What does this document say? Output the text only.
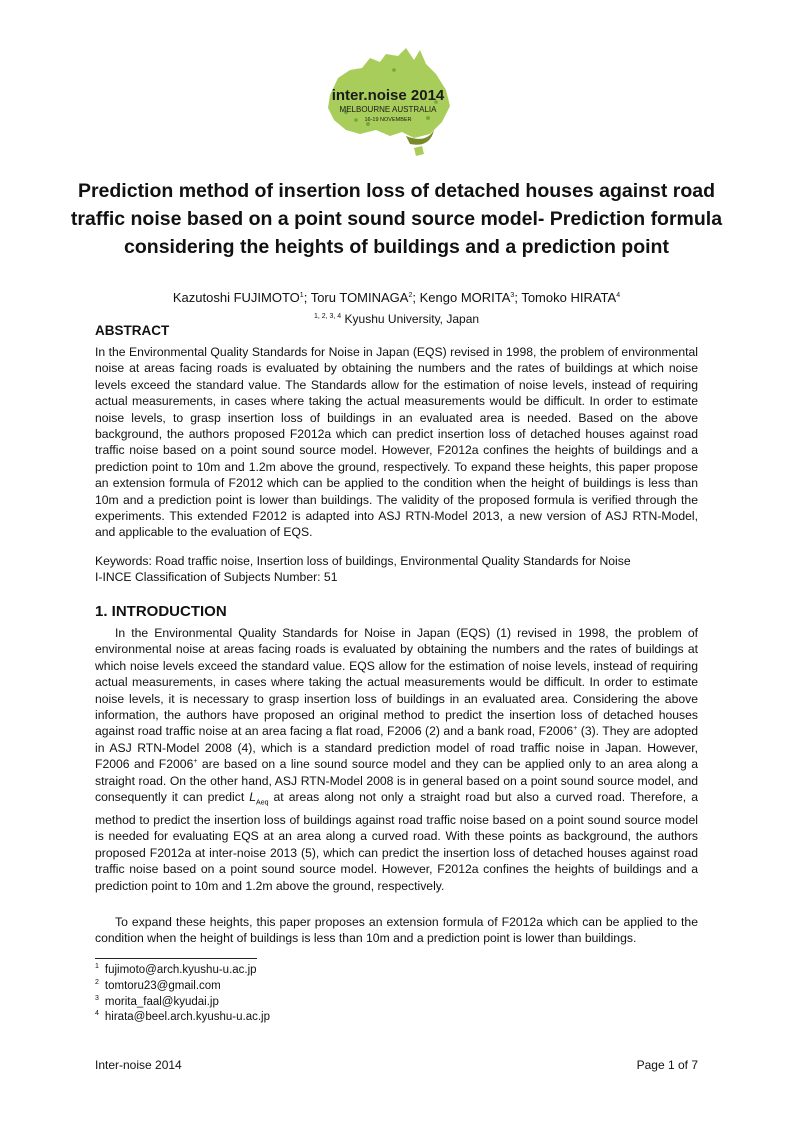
inter.noise 2014
MELBOURNE AUSTRALIA
16-19 NOVEMBER
Prediction method of insertion loss of detached houses against road traffic noise based on a point sound source model- Prediction formula considering the heights of buildings and a prediction point
Kazutoshi FUJIMOTO$^1$; Toru TOMINAGA$^2$; Kengo MORITA$^3$; Tomoko HIRATA$^4$
$^{1, 2, 3, 4}$ Kyushu University, Japan
ABSTRACT

In the Environmental Quality Standards for Noise in Japan (EQS) revised in 1998, the problem of environmental noise at areas facing roads is evaluated by obtaining the numbers and the rates of buildings at which noise levels exceed the standard value. The Standards allow for the estimation of noise levels, instead of requiring actual measurements, in cases where taking the actual measurements would be difficult. In order to estimate noise levels, to grasp insertion loss of buildings in an evaluated area is needed. Based on the above background, the authors proposed F2012a which can predict insertion loss of detached houses against road traffic noise based on a point sound source model. However, F2012a confines the heights of buildings and a prediction point to 10m and 1.2m above the ground, respectively. To expand these heights, this paper propose an extension formula of F2012 which can be applied to the condition when the height of buildings is less than 10m and a prediction point is lower than buildings. The validity of the proposed formula is verified through the experiments. This extended F2012 is adapted into ASJ RTN-Model 2013, a new version of ASJ RTN-Model, and applicable to the evaluation of EQS.

Keywords: Road traffic noise, Insertion loss of buildings, Environmental Quality Standards for Noise
I-INCE Classification of Subjects Number: 51
1. INTRODUCTION

In the Environmental Quality Standards for Noise in Japan (EQS) (1) revised in 1998, the problem of environmental noise at areas facing roads is evaluated by obtaining the numbers and the rates of buildings at which noise levels exceed the standard value. EQS allow for the estimation of noise levels, instead of requiring actual measurements, in cases where taking the actual measurements would be difficult. In order to estimate noise levels, it is necessary to grasp insertion loss of buildings in an evaluated area. Considering the above information, the authors have proposed an original method to predict the insertion loss of detached houses against road traffic noise at an area facing a flat road, F2006 (2) and a bank road, F2006+ (3). They are adopted in ASJ RTN-Model 2008 (4), which is a standard prediction model of road traffic noise in Japan. However, F2006 and F2006+ are based on a line sound source model and they can be applied only to an area along a straight road. On the other hand, ASJ RTN-Model 2008 is in general based on a point sound source model, and consequently it can predict $L_{Aeq}$ at areas along not only a straight road but also a curved road. Therefore, a method to predict the insertion loss of buildings against road traffic noise based on a point sound source model is needed for evaluating EQS at an area along a curved road. With these points as background, the authors proposed F2012a at inter-noise 2013 (5), which can predict the insertion loss of detached houses against road traffic noise based on a point sound source model. However, F2012a confines the heights of buildings and a prediction point to 10m and 1.2m above the ground, respectively.

To expand these heights, this paper proposes an extension formula of F2012a which can be applied to the condition when the height of buildings is less than 10m and a prediction point is lower than buildings.

$^1$ fujimoto@arch.kyushu-u.ac.jp
$^2$ tomtoru23@gmail.com
$^3$ morita_faal@kyudai.jp
$^4$ hirata@beel.arch.kyushu-u.ac.jp
Inter-noise 2014	Page 1 of 7
